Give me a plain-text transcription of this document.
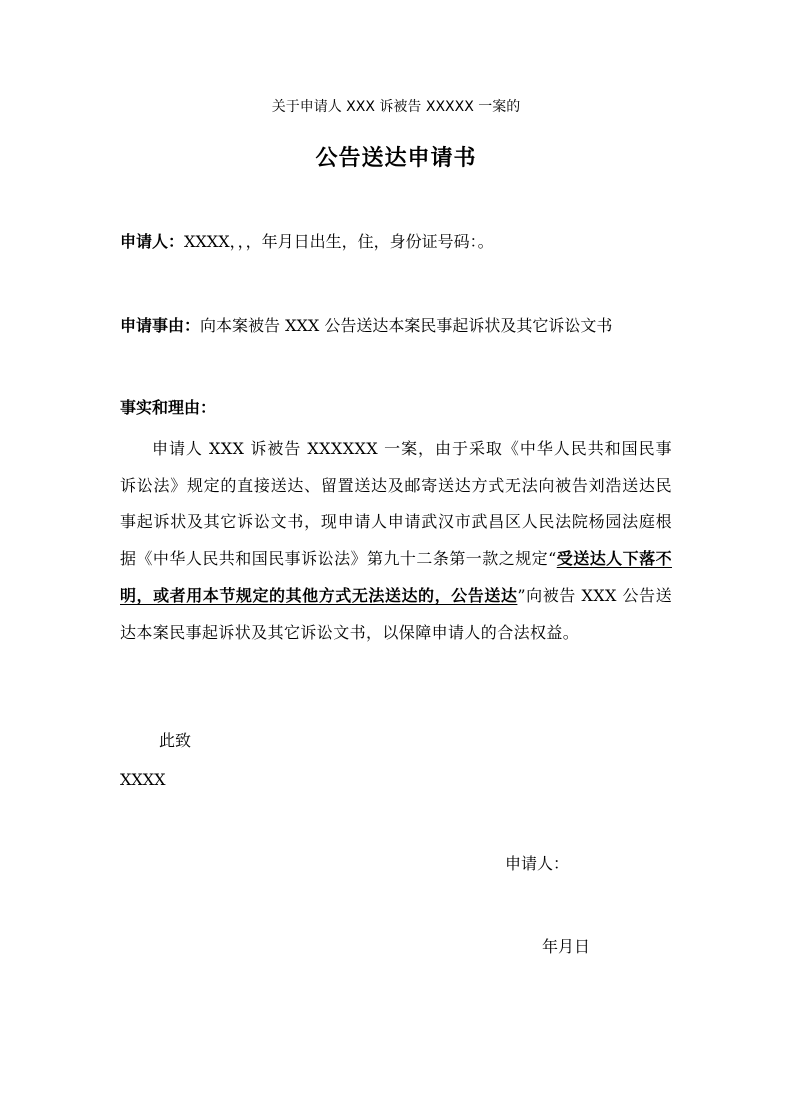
关于申请人 XXX 诉被告 XXXXX 一案的
公告送达申请书
申请人：XXXX，，，年月日出生，住，身份证号码：。
申请事由：向本案被告 XXX 公告送达本案民事起诉状及其它诉讼文书
事实和理由：
申请人 XXX 诉被告 XXXXXX 一案，由于采取《中华人民共和国民事诉讼法》规定的直接送达、留置送达及邮寄送达方式无法向被告刘浩送达民事起诉状及其它诉讼文书，现申请人申请武汉市武昌区人民法院杨园法庭根据《中华人民共和国民事诉讼法》第九十二条第一款之规定“受送达人下落不明，或者用本节规定的其他方式无法送达的，公告送达”向被告 XXX 公告送达本案民事起诉状及其它诉讼文书，以保障申请人的合法权益。
此致
XXXX
申请人：
年月日
